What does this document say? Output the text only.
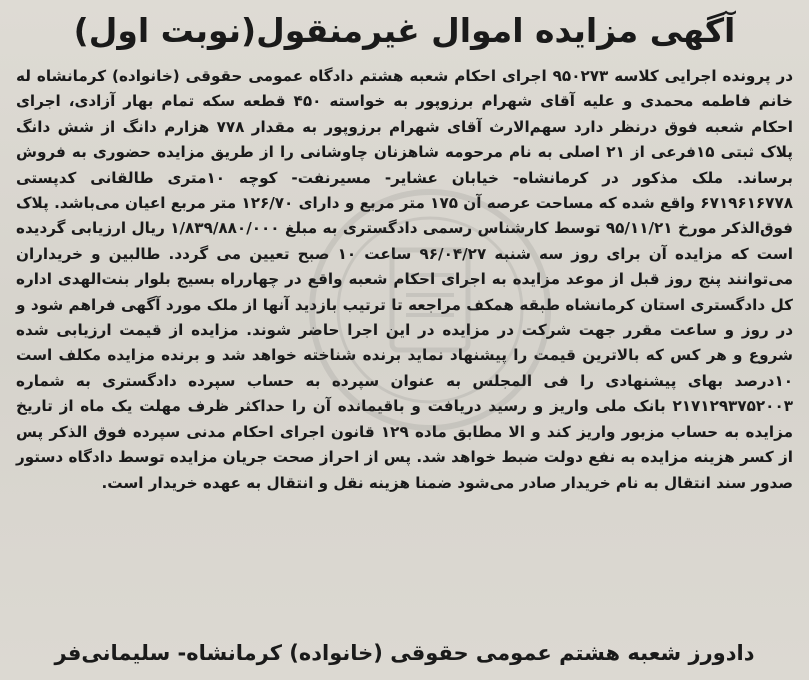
آگهی مزایده اموال غیرمنقول(نوبت اول)

در پرونده اجرایی کلاسه ۹۵۰۲۷۳ اجرای احکام شعبه هشتم دادگاه عمومی حقوقی (خانواده) کرمانشاه له خانم فاطمه محمدی و علیه آقای شهرام برزوپور به خواسته ۴۵۰ قطعه سکه تمام بهار آزادی، اجرای احکام شعبه فوق درنظر دارد سهم‌الارث آقای شهرام برزوپور به مقدار ۷۷۸ هزارم دانگ از شش دانگ پلاک ثبتی ۱۵فرعی از ۲۱ اصلی به نام مرحومه شاهزنان چاوشانی را از طریق مزایده حضوری به فروش برساند. ملک مذکور در کرمانشاه- خیابان عشایر- مسیرنفت- کوچه ۱۰متری طالقانی کدپستی ۶۷۱۹۶۱۶۷۷۸ واقع شده که مساحت عرصه آن ۱۷۵ متر مربع و دارای ۱۲۶/۷۰ متر مربع اعیان می‌باشد. پلاک فوق‌الذکر مورخ ۹۵/۱۱/۲۱ توسط کارشناس رسمی دادگستری به مبلغ ۱/۸۳۹/۸۸۰/۰۰۰ ریال ارزیابی گردیده است که مزایده آن برای روز سه شنبه ۹۶/۰۴/۲۷ ساعت ۱۰ صبح تعیین می گردد. طالبین و خریداران می‌توانند پنج روز قبل از موعد مزایده به اجرای احکام شعبه واقع در چهارراه بسیج بلوار بنت‌الهدی اداره کل دادگستری استان کرمانشاه طبقه همکف مراجعه تا ترتیب بازدید آنها از ملک مورد آگهی فراهم شود و در روز و ساعت مقرر جهت شرکت در مزایده در این اجرا حاضر شوند. مزایده از قیمت ارزیابی شده شروع و هر کس که بالاترین قیمت را پیشنهاد نماید برنده شناخته خواهد شد و برنده مزایده مکلف است ۱۰درصد بهای پیشنهادی را فی المجلس به عنوان سپرده به حساب سپرده دادگستری به شماره ۲۱۷۱۲۹۳۷۵۲۰۰۳ بانک ملی واریز و رسید دریافت و باقیمانده آن را حداکثر ظرف مهلت یک ماه از تاریخ مزایده به حساب مزبور واریز کند و الا مطابق ماده ۱۲۹ قانون اجرای احکام مدنی سپرده فوق الذکر پس از کسر هزینه مزایده به نفع دولت ضبط خواهد شد. پس از احراز صحت جریان مزایده توسط دادگاه دستور صدور سند انتقال به نام خریدار صادر می‌شود ضمنا هزینه نقل و انتقال به عهده خریدار است.

دادورز شعبه هشتم عمومی حقوقی (خانواده) کرمانشاه- سلیمانی‌فر
